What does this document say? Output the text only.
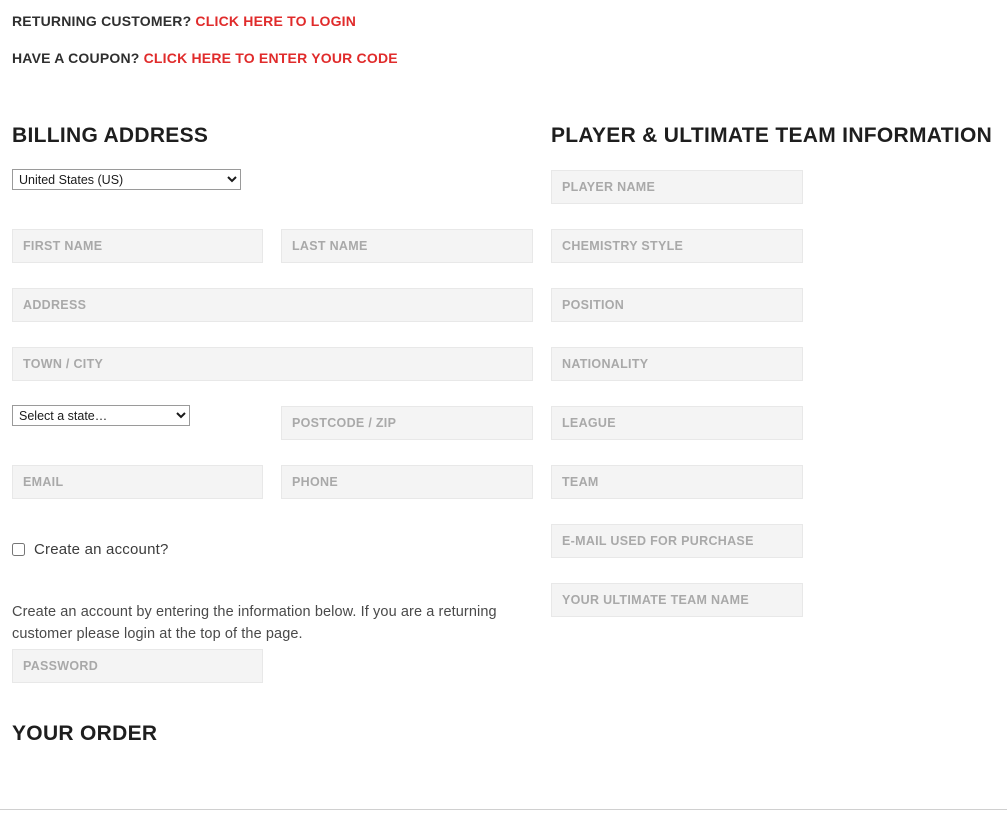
RETURNING CUSTOMER? CLICK HERE TO LOGIN
HAVE A COUPON? CLICK HERE TO ENTER YOUR CODE
BILLING ADDRESS	PLAYER & ULTIMATE TEAM INFORMATION
YOUR ORDER
United States (US)
First Name
Last Name
Address
Town / City
Select a state…
Postcode / ZIP
Email
Phone
Create an account?

Create an account by entering the information below. If you are a returning customer please login at the top of the page.

Player Name
Chemistry Style
Position
Nationality
League
Team
E-mail used for purchase
Your Ultimate Team Name
